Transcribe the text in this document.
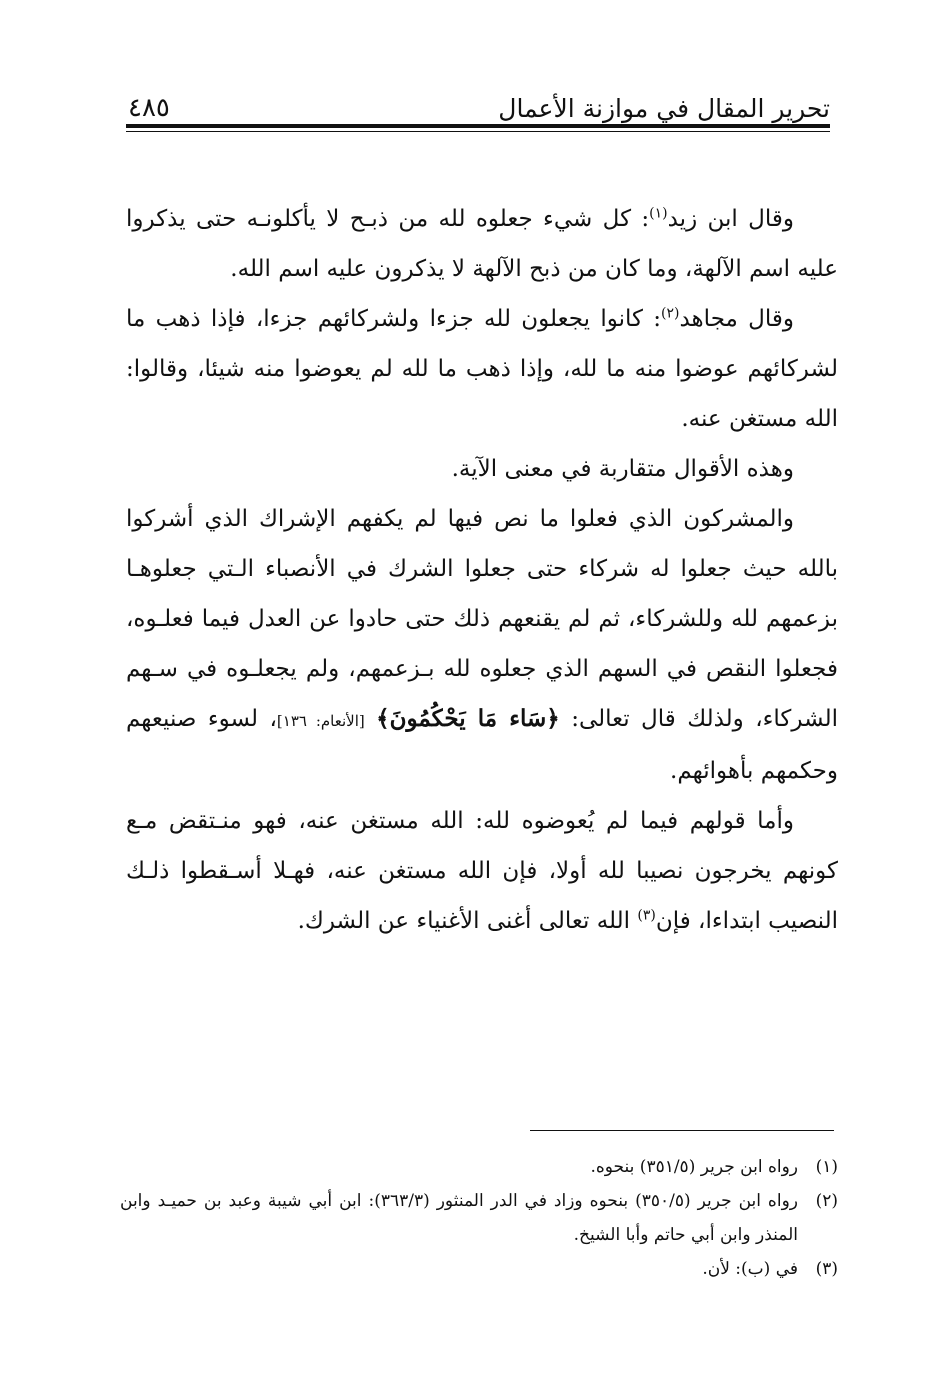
٤٨٥	تحرير المقال في موازنة الأعمال

وقال ابن زيد$^{(١)}$: كل شيء جعلوه لله من ذبـح لا يأكلونـه حتى يذكروا عليه اسم الآلهة، وما كان من ذبح الآلهة لا يذكرون عليه اسم الله.

وقال مجاهد$^{(٢)}$: كانوا يجعلون لله جزءا ولشركائهم جزءا، فإذا ذهب ما لشركائهم عوضوا منه ما لله، وإذا ذهب ما لله لم يعوضوا منه شيئا، وقالوا: الله مستغن عنه.

وهذه الأقوال متقاربة في معنى الآية.

والمشركون الذي فعلوا ما نص فيها لم يكفهم الإشراك الذي أشركوا بالله حيث جعلوا له شركاء حتى جعلوا الشرك في الأنصباء الـتي جعلوهـا بزعمهم لله وللشركاء، ثم لم يقنعهم ذلك حتى حادوا عن العدل فيما فعلـوه، فجعلوا النقص في السهم الذي جعلوه لله بـزعمهم، ولم يجعلـوه في سـهم الشركاء، ولذلك قال تعالى: ﴿سَاء مَا يَحْكُمُونَ﴾ [الأنعام: ١٣٦]، لسوء صنيعهم وحكمهم بأهوائهم.

وأما قولهم فيما لم يُعوضوه لله: الله مستغن عنه، فهو منـتقض مـع كونهم يخرجون نصيبا لله أولا، فإن الله مستغن عنه، فهـلا أسـقطوا ذلـك النصيب ابتداءا، فإن$^{(٣)}$ الله تعالى أغنى الأغنياء عن الشرك.

(١)رواه ابن جرير (٣٥١/٥) بنحوه.

(٢)رواه ابن جرير (٣٥٠/٥) بنحوه وزاد في الدر المنثور (٣٦٣/٣): ابن أبي شيبة وعبد بن حميـد وابن المنذر وابن أبي حاتم وأبا الشيخ.

(٣)في (ب): لأن.
